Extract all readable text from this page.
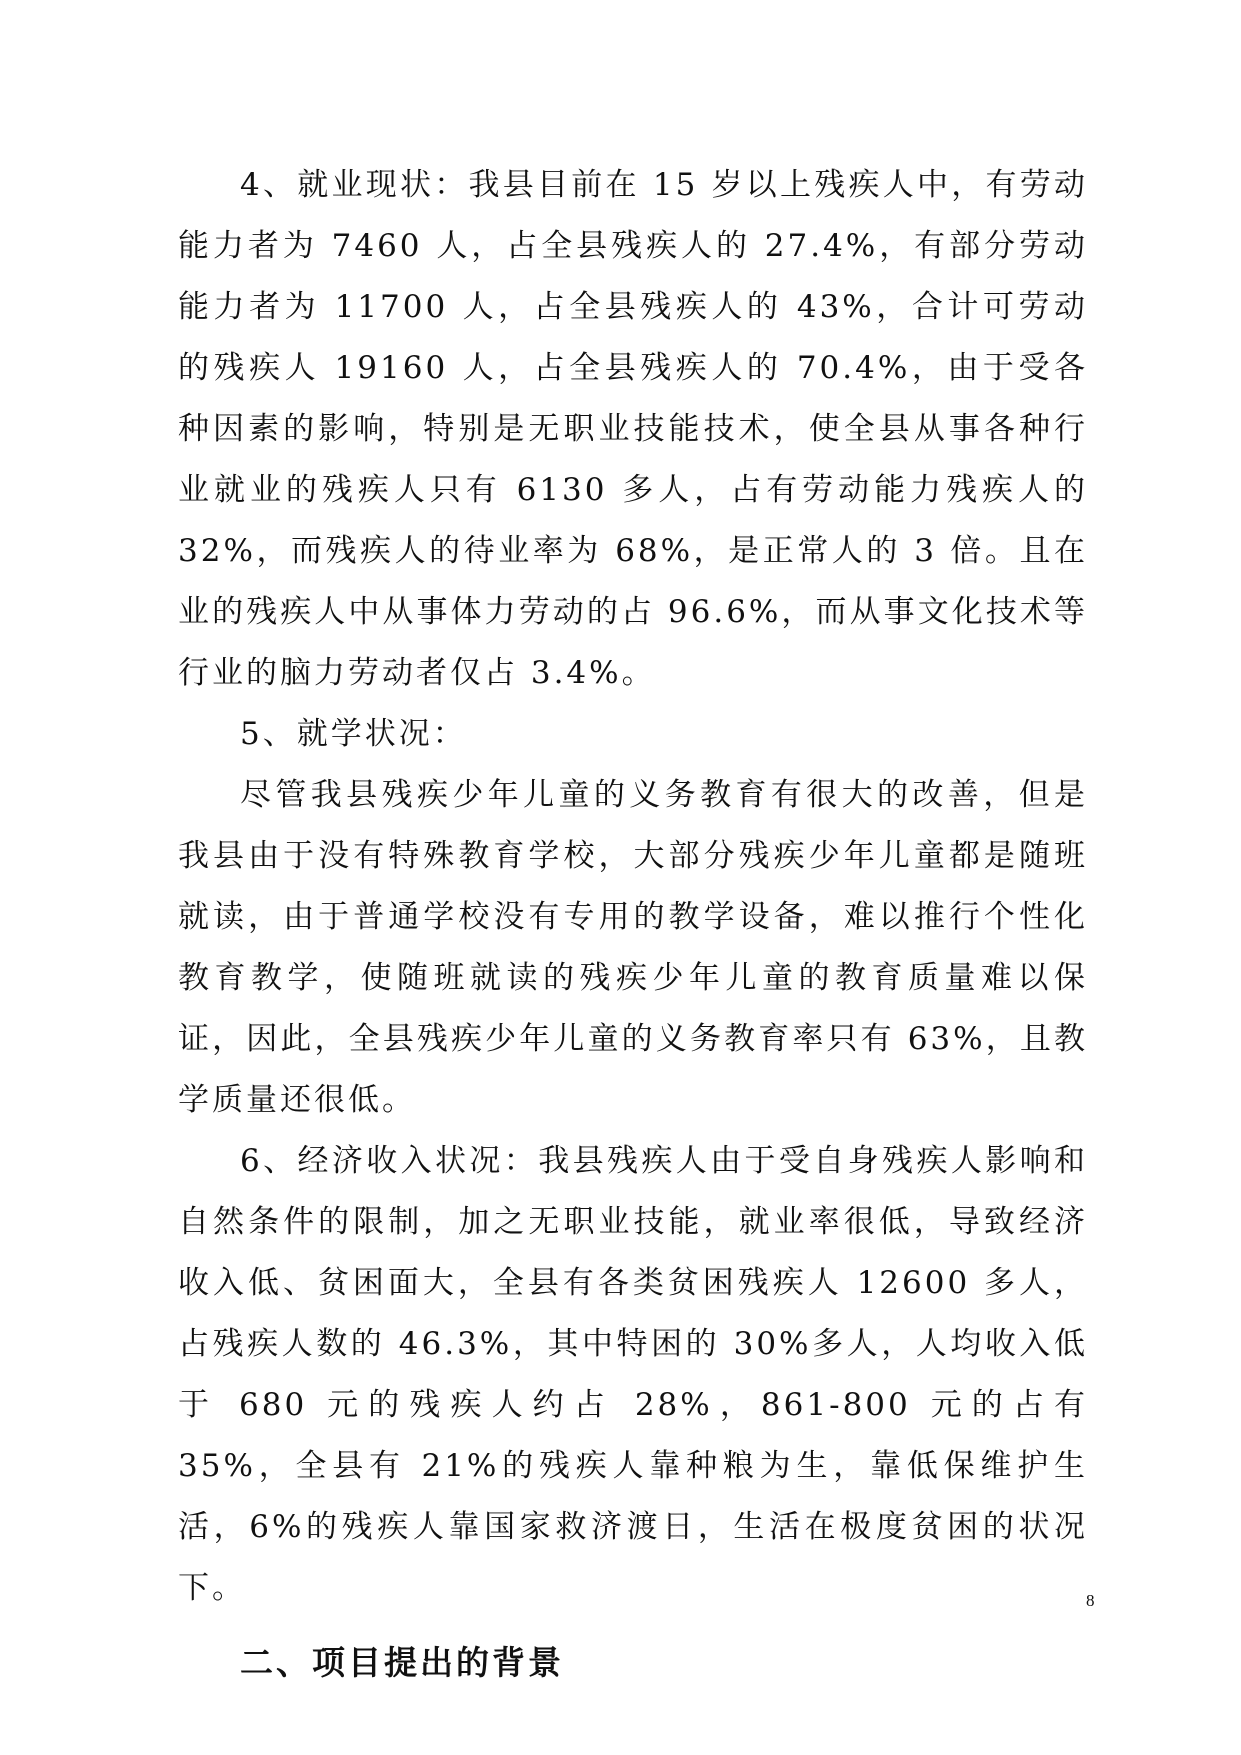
4、就业现状：我县目前在 15 岁以上残疾人中，有劳动能力者为 7460 人，占全县残疾人的 27.4%，有部分劳动能力者为 11700 人，占全县残疾人的 43%，合计可劳动的残疾人 19160 人，占全县残疾人的 70.4%，由于受各种因素的影响，特别是无职业技能技术，使全县从事各种行业就业的残疾人只有 6130 多人，占有劳动能力残疾人的 32%，而残疾人的待业率为 68%，是正常人的 3 倍。且在业的残疾人中从事体力劳动的占 96.6%，而从事文化技术等行业的脑力劳动者仅占 3.4%。

5、就学状况：

尽管我县残疾少年儿童的义务教育有很大的改善，但是我县由于没有特殊教育学校，大部分残疾少年儿童都是随班就读，由于普通学校没有专用的教学设备，难以推行个性化教育教学，使随班就读的残疾少年儿童的教育质量难以保证，因此，全县残疾少年儿童的义务教育率只有 63%，且教学质量还很低。

6、经济收入状况：我县残疾人由于受自身残疾人影响和自然条件的限制，加之无职业技能，就业率很低，导致经济收入低、贫困面大，全县有各类贫困残疾人 12600 多人，占残疾人数的 46.3%，其中特困的 30%多人，人均收入低于 680 元的残疾人约占 28%，861-800 元的占有 35%，全县有 21%的残疾人靠种粮为生，靠低保维护生活，6%的残疾人靠国家救济渡日，生活在极度贫困的状况下。

二、项目提出的背景
8
